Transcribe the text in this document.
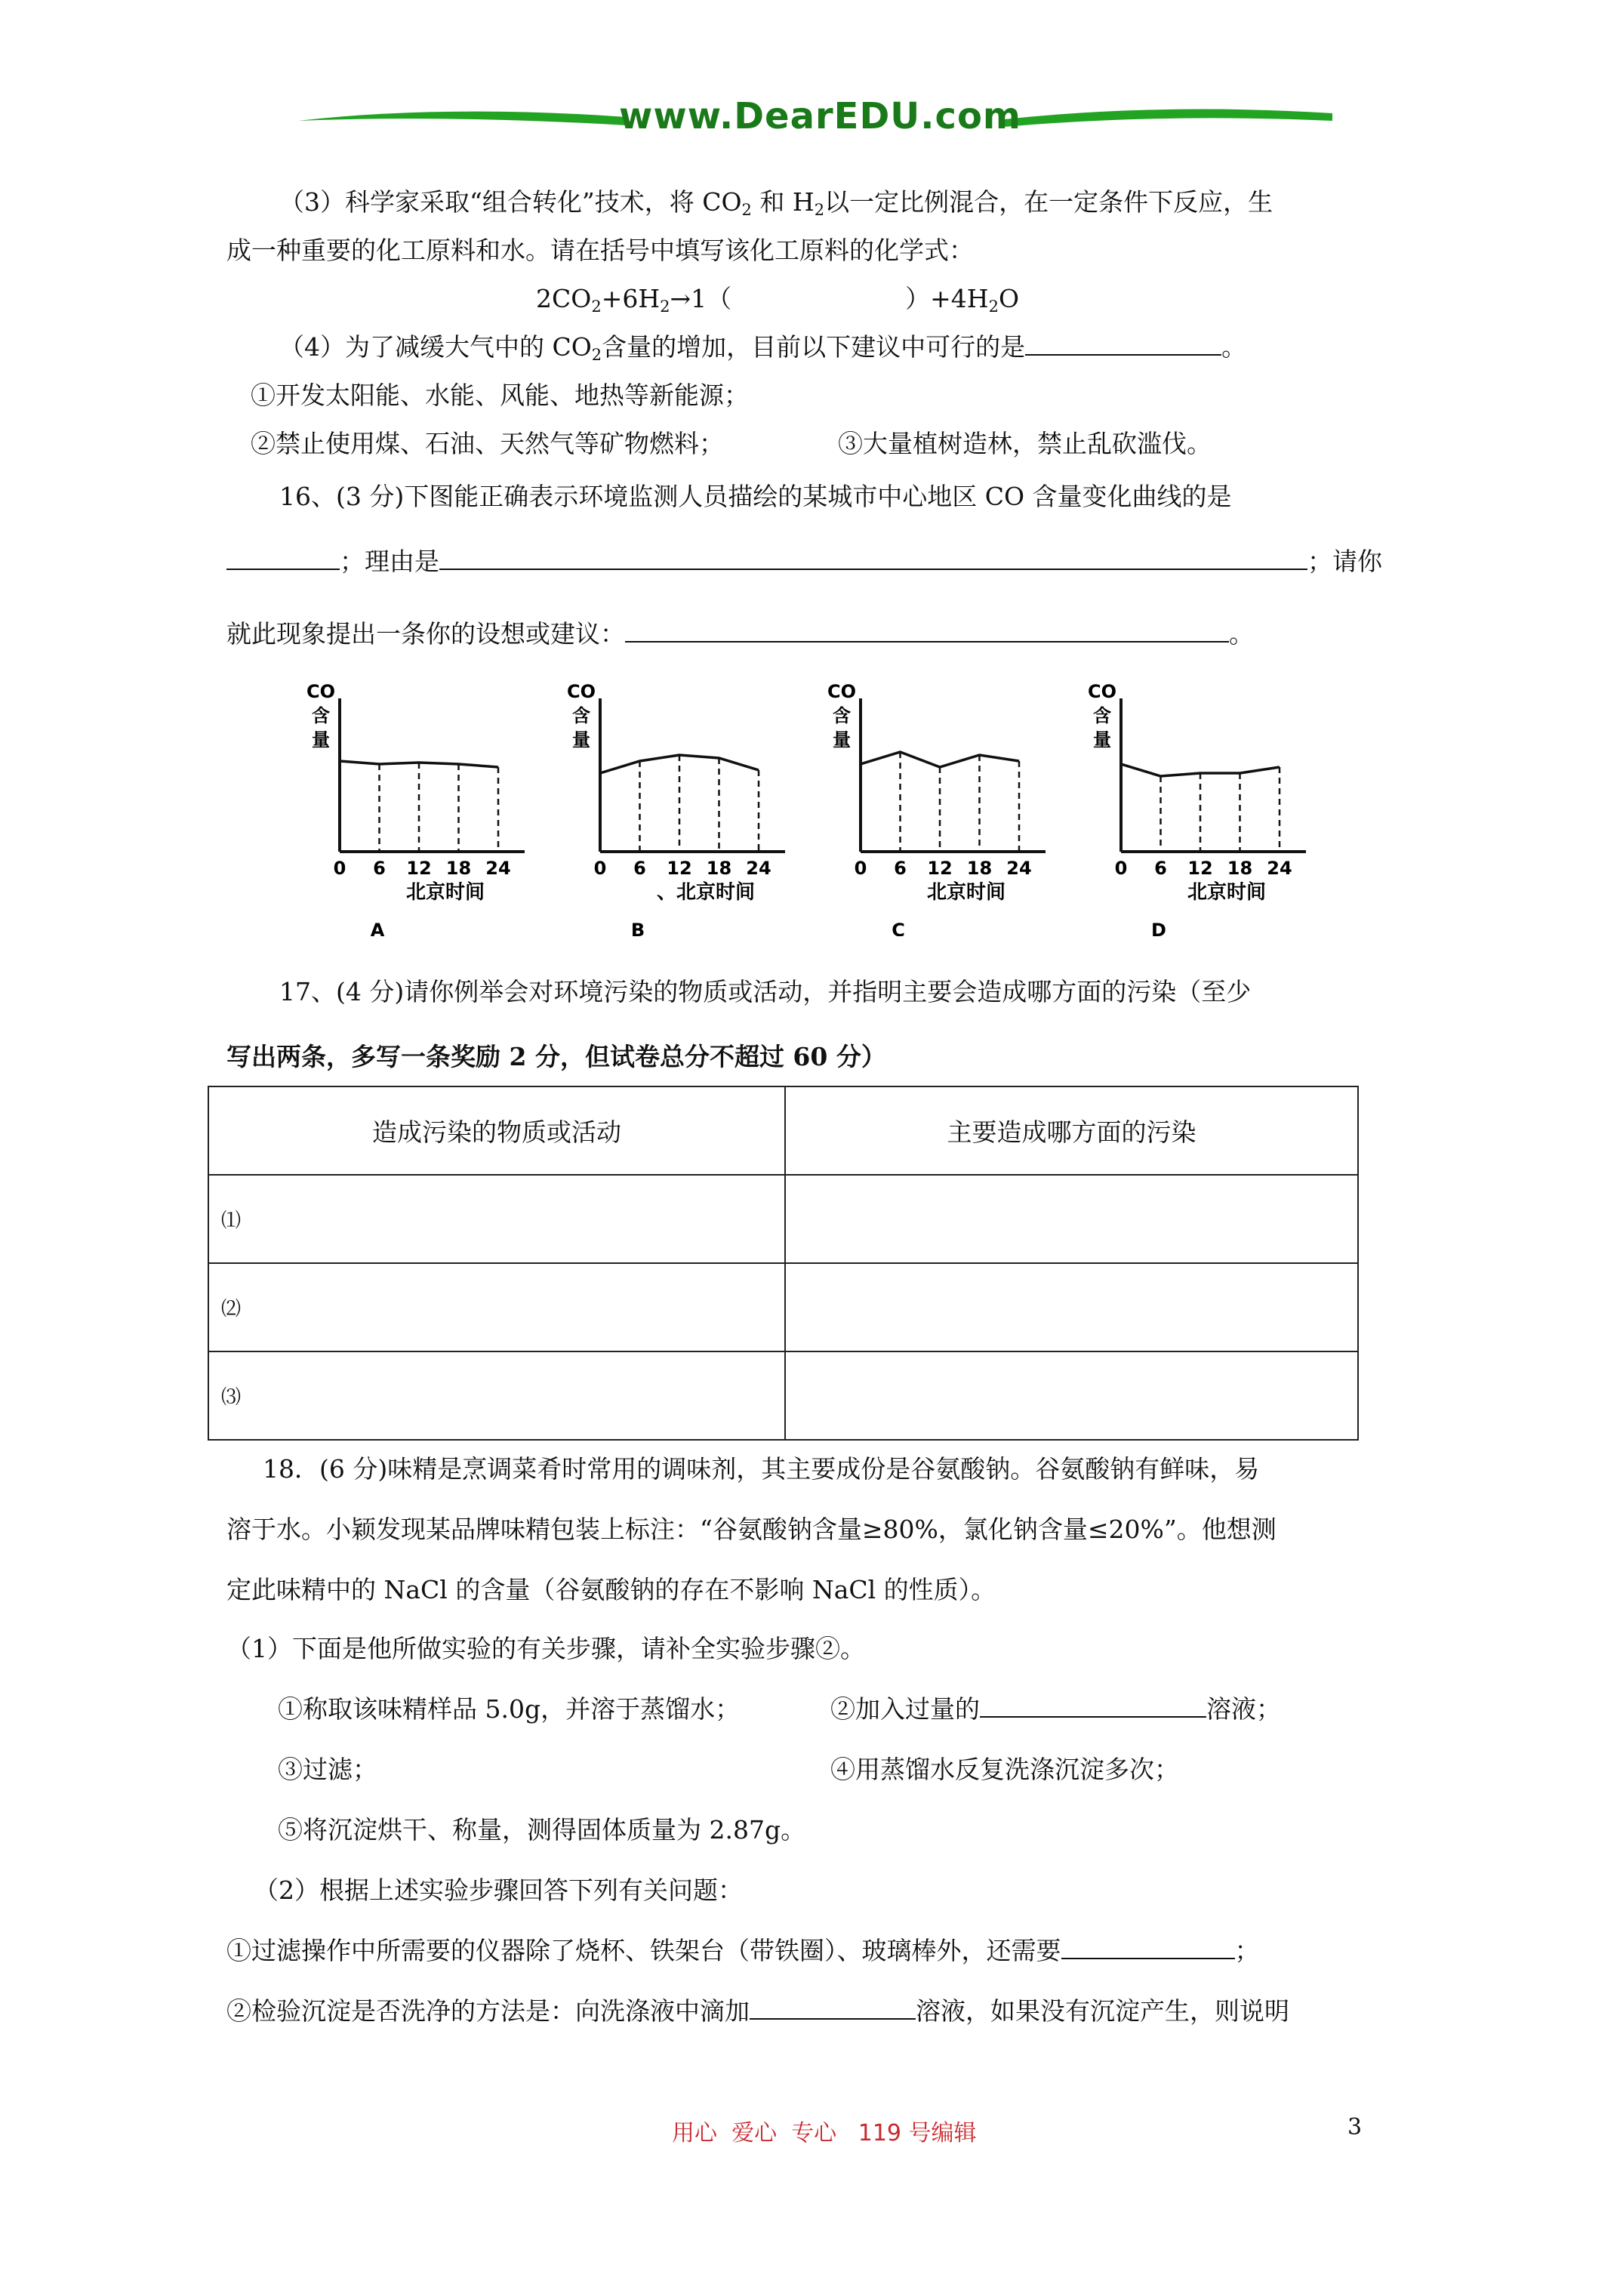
www.DearEDU.com
（3）科学家采取“组合转化”技术，将 $CO_2$ 和 $H_2$以一定比例混合，在一定条件下反应，生
成一种重要的化工原料和水。请在括号中填写该化工原料的化学式：
$2CO_2+6H_2\to 1$（	）$+4H_2O$
（4）为了减缓大气中的 $CO_2$含量的增加，目前以下建议中可行的是	。
①开发太阳能、水能、风能、地热等新能源；
②禁止使用煤、石油、天然气等矿物燃料；	③大量植树造林，禁止乱砍滥伐。
16、(3 分)下图能正确表示环境监测人员描绘的某城市中心地区 CO 含量变化曲线的是
；理由是	；请你
就此现象提出一条你的设想或建议：	。
CO
含
量
0 6 12 18 24
北京时间
A
CO
含
量
0 6 12 18 24
、北京时间
B
CO
含
量
0 6 12 18 24
北京时间
C
CO
含
量
0 6 12 18 24
北京时间
D
17、(4 分)请你例举会对环境污染的物质或活动，并指明主要会造成哪方面的污染（至少
写出两条，多写一条奖励 2 分，但试卷总分不超过 60 分）
造成污染的物质或活动	主要造成哪方面的污染
⑴	
⑵	
⑶	
18．(6 分)味精是烹调菜肴时常用的调味剂，其主要成份是谷氨酸钠。谷氨酸钠有鲜味，易
溶于水。小颖发现某品牌味精包装上标注：“谷氨酸钠含量≥80%，氯化钠含量≤20%”。他想测
定此味精中的 NaCl 的含量（谷氨酸钠的存在不影响 NaCl 的性质）。
（1）下面是他所做实验的有关步骤，请补全实验步骤②。
①称取该味精样品 5.0g，并溶于蒸馏水；	②加入过量的	溶液；
③过滤；	④用蒸馏水反复洗涤沉淀多次；
⑤将沉淀烘干、称量，测得固体质量为 2.87g。
（2）根据上述实验步骤回答下列有关问题：
①过滤操作中所需要的仪器除了烧杯、铁架台（带铁圈）、玻璃棒外，还需要	；
②检验沉淀是否洗净的方法是：向洗涤液中滴加	溶液，如果没有沉淀产生，则说明
用心  爱心  专心   119 号编辑	3
